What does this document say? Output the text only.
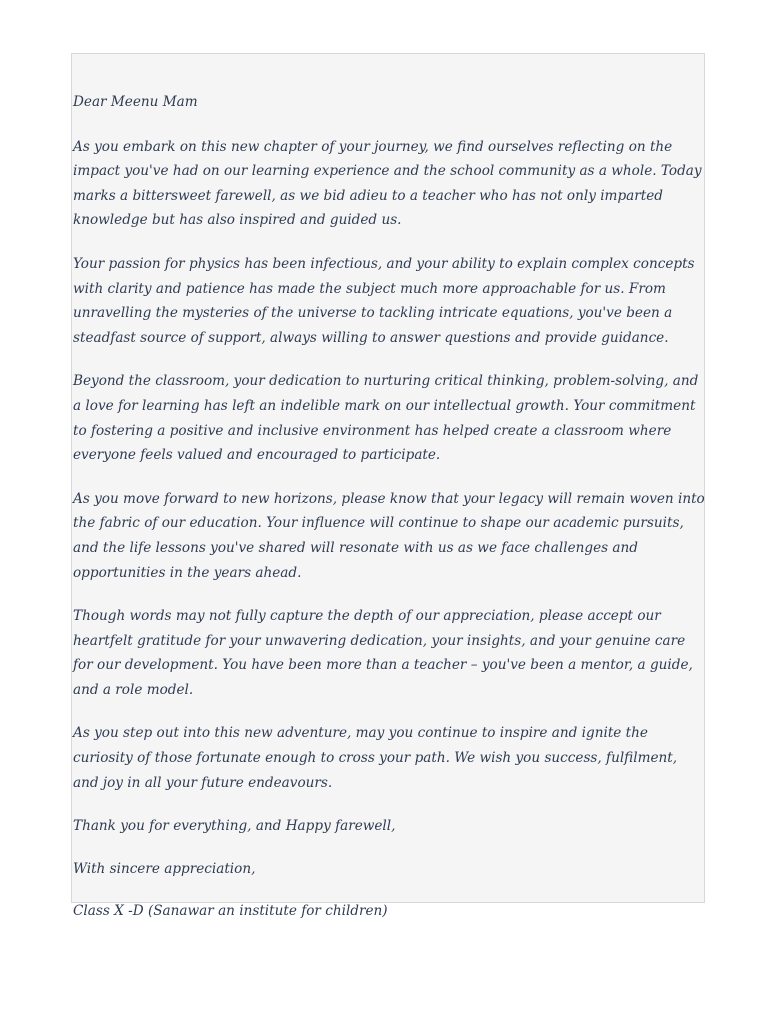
Dear Meenu Mam

As you embark on this new chapter of your journey, we find ourselves reflecting on the impact you've had on our learning experience and the school community as a whole. Today marks a bittersweet farewell, as we bid adieu to a teacher who has not only imparted knowledge but has also inspired and guided us.

Your passion for physics has been infectious, and your ability to explain complex concepts with clarity and patience has made the subject much more approachable for us. From unravelling the mysteries of the universe to tackling intricate equations, you've been a steadfast source of support, always willing to answer questions and provide guidance.

Beyond the classroom, your dedication to nurturing critical thinking, problem-solving, and a love for learning has left an indelible mark on our intellectual growth. Your commitment to fostering a positive and inclusive environment has helped create a classroom where everyone feels valued and encouraged to participate.

As you move forward to new horizons, please know that your legacy will remain woven into the fabric of our education. Your influence will continue to shape our academic pursuits, and the life lessons you've shared will resonate with us as we face challenges and opportunities in the years ahead.

Though words may not fully capture the depth of our appreciation, please accept our heartfelt gratitude for your unwavering dedication, your insights, and your genuine care for our development. You have been more than a teacher – you've been a mentor, a guide, and a role model.

As you step out into this new adventure, may you continue to inspire and ignite the curiosity of those fortunate enough to cross your path. We wish you success, fulfilment, and joy in all your future endeavours.

Thank you for everything, and Happy farewell,

With sincere appreciation,

Class X -D (Sanawar an institute for children)
